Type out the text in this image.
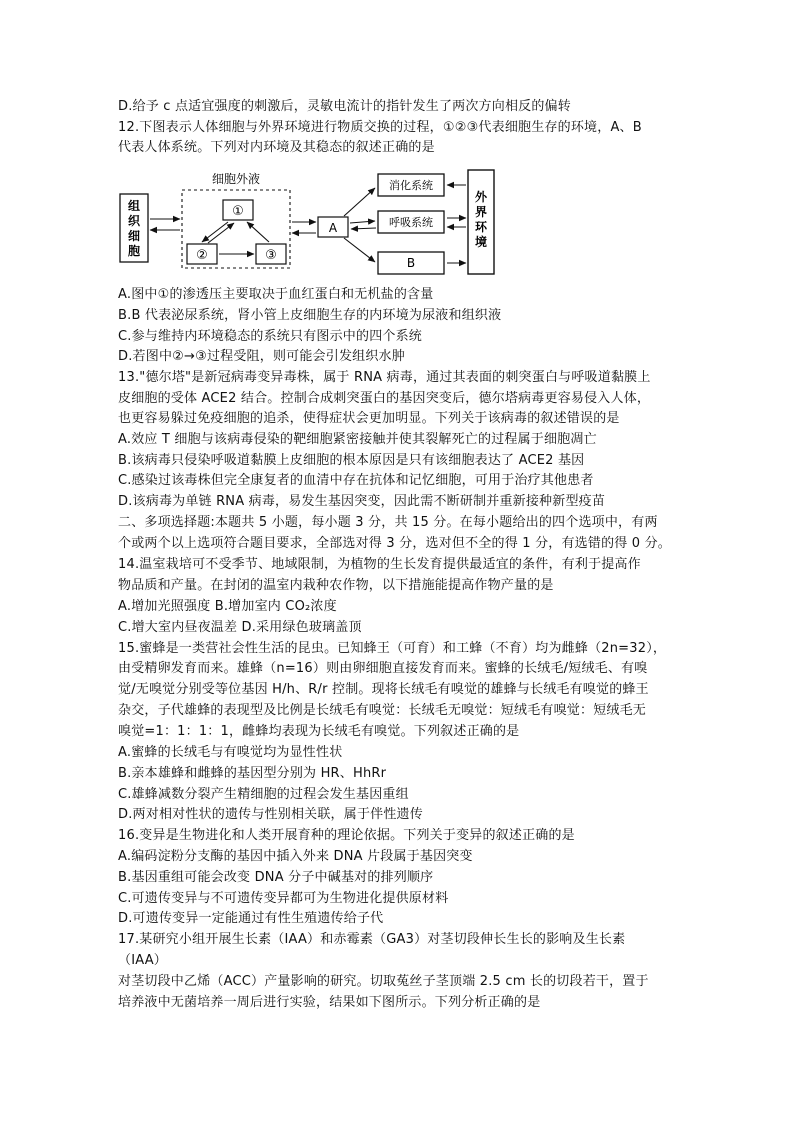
D.给予 c 点适宜强度的刺激后，灵敏电流计的指针发生了两次方向相反的偏转
12.下图表示人体细胞与外界环境进行物质交换的过程，①②③代表细胞生存的环境，A、B
代表人体系统。下列对内环境及其稳态的叙述正确的是
组
织
细
胞
细胞外液
①
②	③
A
消化系统
呼吸系统
B
外
界
环
境
A.图中①的渗透压主要取决于血红蛋白和无机盐的含量
B.B 代表泌尿系统，肾小管上皮细胞生存的内环境为尿液和组织液
C.参与维持内环境稳态的系统只有图示中的四个系统
D.若图中②→③过程受阻，则可能会引发组织水肿
13."德尔塔"是新冠病毒变异毒株，属于 RNA 病毒，通过其表面的刺突蛋白与呼吸道黏膜上
皮细胞的受体 ACE2 结合。控制合成刺突蛋白的基因突变后，德尔塔病毒更容易侵入人体，
也更容易躲过免疫细胞的追杀，使得症状会更加明显。下列关于该病毒的叙述错误的是
A.效应 T 细胞与该病毒侵染的靶细胞紧密接触并使其裂解死亡的过程属于细胞凋亡
B.该病毒只侵染呼吸道黏膜上皮细胞的根本原因是只有该细胞表达了 ACE2 基因
C.感染过该毒株但完全康复者的血清中存在抗体和记忆细胞，可用于治疗其他患者
D.该病毒为单链 RNA 病毒，易发生基因突变，因此需不断研制并重新接种新型疫苗
二、多项选择题:本题共 5 小题，每小题 3 分，共 15 分。在每小题给出的四个选项中，有两
个或两个以上选项符合题目要求，全部选对得 3 分，选对但不全的得 1 分，有选错的得 0 分。
14.温室栽培可不受季节、地域限制，为植物的生长发育提供最适宜的条件，有利于提高作
物品质和产量。在封闭的温室内栽种农作物，以下措施能提高作物产量的是
A.增加光照强度 B.增加室内 CO₂浓度
C.增大室内昼夜温差 D.采用绿色玻璃盖顶
15.蜜蜂是一类营社会性生活的昆虫。已知蜂王（可育）和工蜂（不育）均为雌蜂（2n=32），
由受精卵发育而来。雄蜂（n=16）则由卵细胞直接发育而来。蜜蜂的长绒毛/短绒毛、有嗅
觉/无嗅觉分别受等位基因 H/h、R/r 控制。现将长绒毛有嗅觉的雄蜂与长绒毛有嗅觉的蜂王
杂交，子代雄蜂的表现型及比例是长绒毛有嗅觉：长绒毛无嗅觉：短绒毛有嗅觉：短绒毛无
嗅觉=1：1：1：1，雌蜂均表现为长绒毛有嗅觉。下列叙述正确的是
A.蜜蜂的长绒毛与有嗅觉均为显性性状
B.亲本雄蜂和雌蜂的基因型分别为 HR、HhRr
C.雄蜂减数分裂产生精细胞的过程会发生基因重组
D.两对相对性状的遗传与性别相关联，属于伴性遗传
16.变异是生物进化和人类开展育种的理论依据。下列关于变异的叙述正确的是
A.编码淀粉分支酶的基因中插入外来 DNA 片段属于基因突变
B.基因重组可能会改变 DNA 分子中碱基对的排列顺序
C.可遗传变异与不可遗传变异都可为生物进化提供原材料
D.可遗传变异一定能通过有性生殖遗传给子代
17.某研究小组开展生长素（IAA）和赤霉素（GA3）对茎切段伸长生长的影响及生长素
（IAA）
对茎切段中乙烯（ACC）产量影响的研究。切取菟丝子茎顶端 2.5 cm 长的切段若干，置于
培养液中无菌培养一周后进行实验，结果如下图所示。下列分析正确的是
